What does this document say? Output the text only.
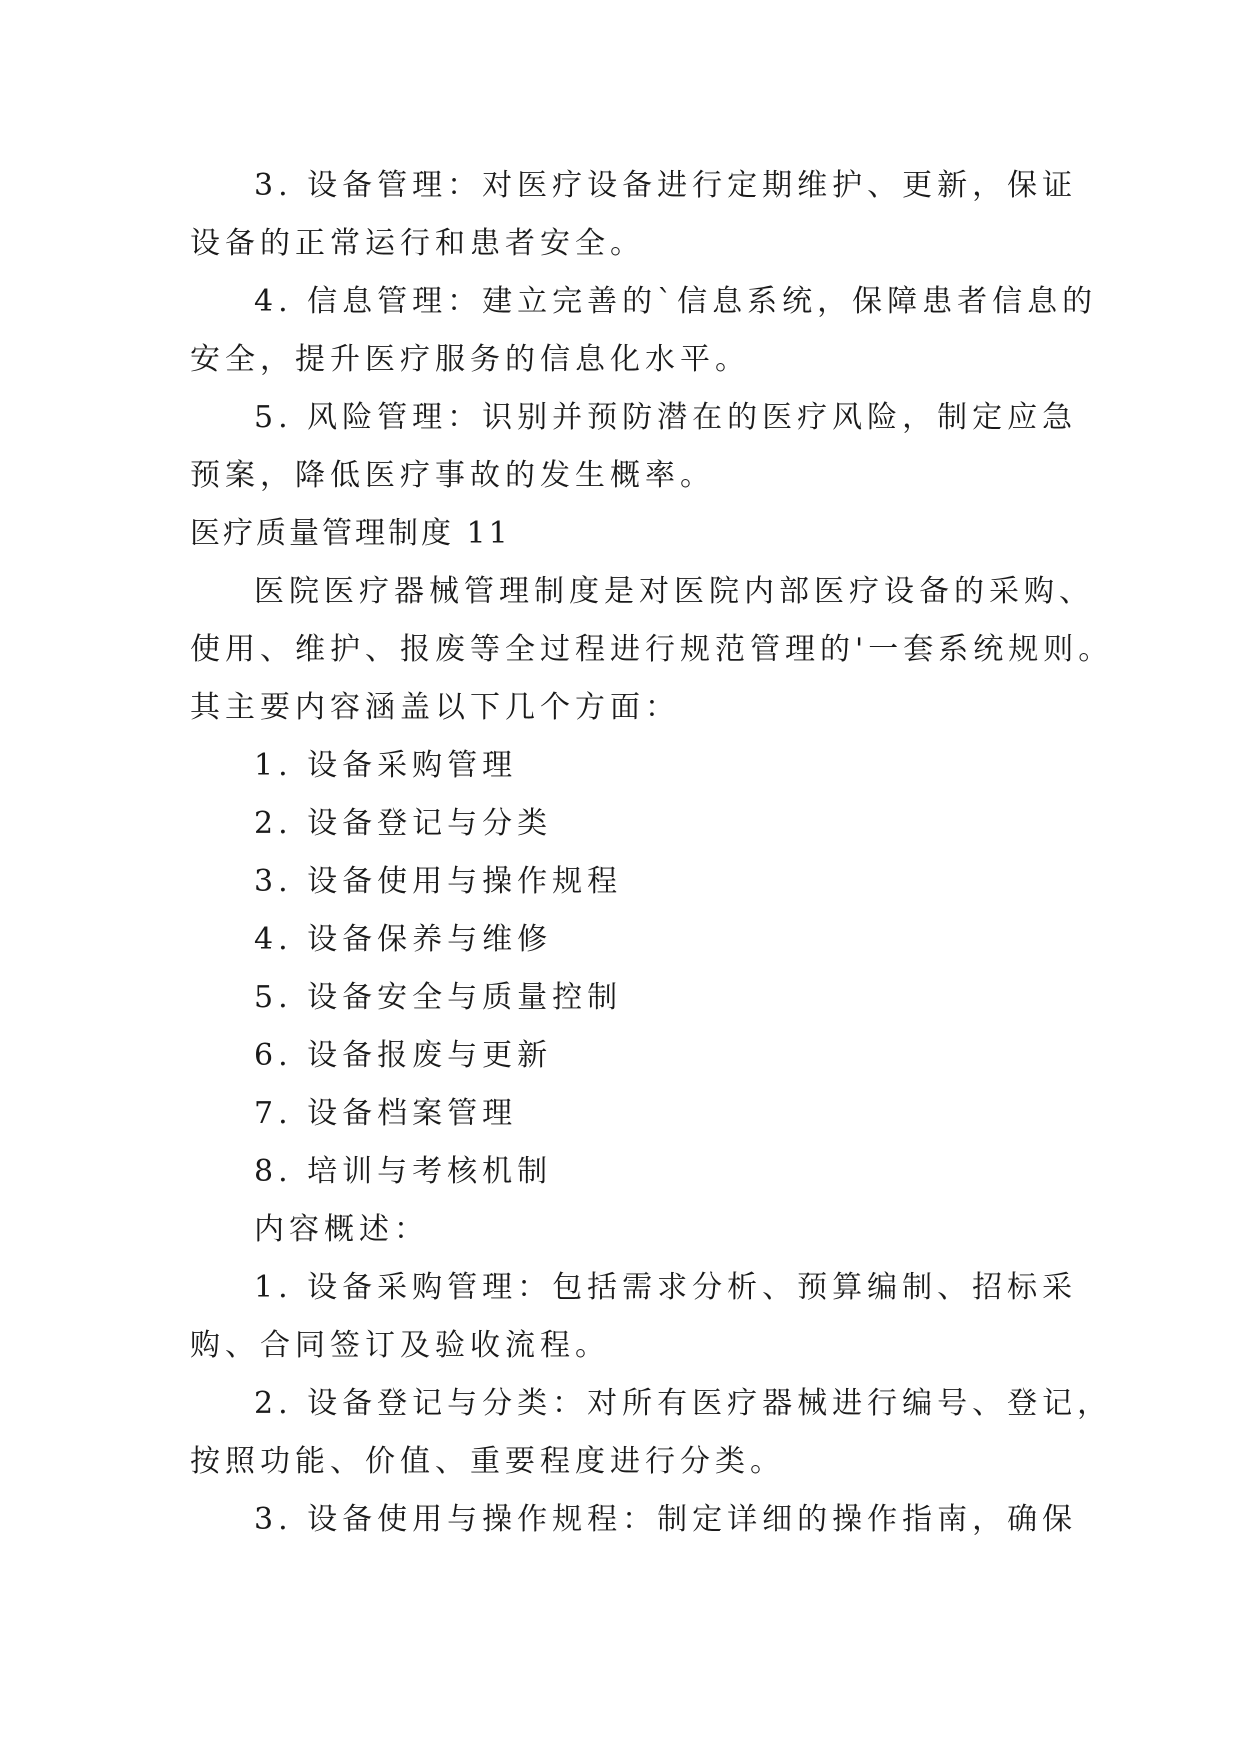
3. 设备管理：对医疗设备进行定期维护、更新，保证
设备的正常运行和患者安全。
4. 信息管理：建立完善的`信息系统，保障患者信息的
安全，提升医疗服务的信息化水平。
5. 风险管理：识别并预防潜在的医疗风险，制定应急
预案，降低医疗事故的发生概率。
医疗质量管理制度 11
医院医疗器械管理制度是对医院内部医疗设备的采购、
使用、维护、报废等全过程进行规范管理的'一套系统规则。
其主要内容涵盖以下几个方面：
1. 设备采购管理
2. 设备登记与分类
3. 设备使用与操作规程
4. 设备保养与维修
5. 设备安全与质量控制
6. 设备报废与更新
7. 设备档案管理
8. 培训与考核机制
内容概述：
1. 设备采购管理：包括需求分析、预算编制、招标采
购、合同签订及验收流程。
2. 设备登记与分类：对所有医疗器械进行编号、登记，
按照功能、价值、重要程度进行分类。
3. 设备使用与操作规程：制定详细的操作指南，确保
